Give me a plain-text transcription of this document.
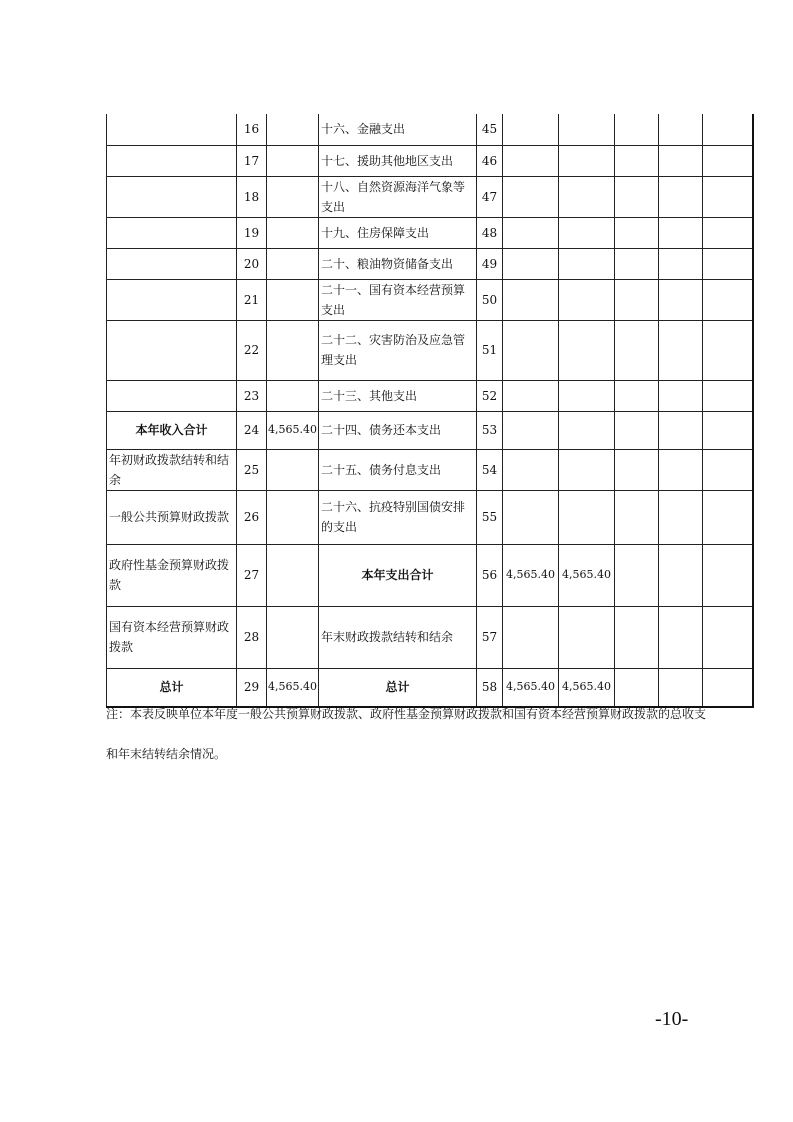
	16		十六、金融支出	45					
	17		十七、援助其他地区支出	46					
	18		十八、自然资源海洋气象等支出	47					
	19		十九、住房保障支出	48					
	20		二十、粮油物资储备支出	49					
	21		二十一、国有资本经营预算支出	50					
	22		二十二、灾害防治及应急管理支出	51					
	23		二十三、其他支出	52					
本年收入合计	24	4,565.40	二十四、债务还本支出	53					
年初财政拨款结转和结余	25		二十五、债务付息支出	54					
一般公共预算财政拨款	26		二十六、抗疫特别国债安排的支出	55					
政府性基金预算财政拨款	27		本年支出合计	56	4,565.40	4,565.40			
国有资本经营预算财政拨款	28		年末财政拨款结转和结余	57					
总计	29	4,565.40	总计	58	4,565.40	4,565.40			
注：本表反映单位本年度一般公共预算财政拨款、政府性基金预算财政拨款和国有资本经营预算财政拨款的总收支和年末结转结余情况。
-10-
